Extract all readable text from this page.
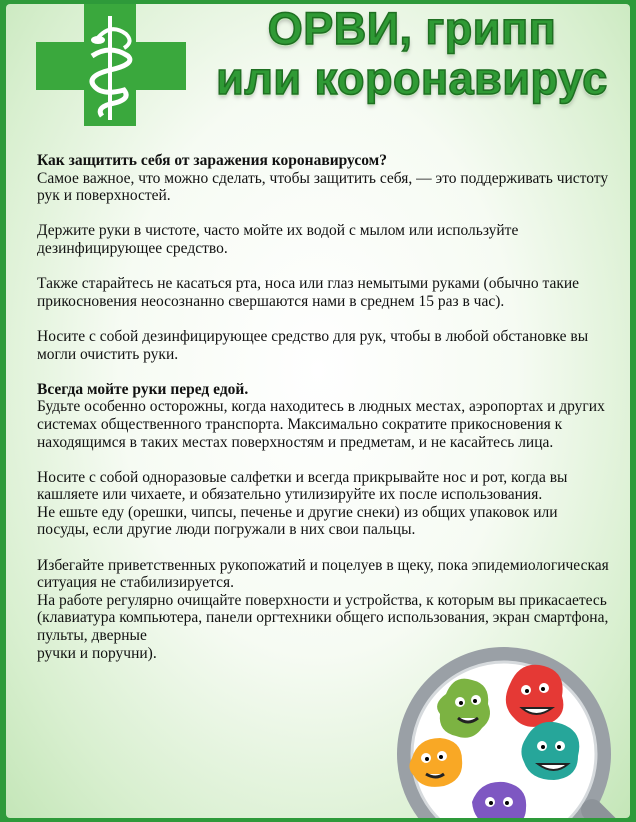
ОРВИ, грипп
или коронавирус

Как защитить себя от заражения коронавирусом?
Самое важное, что можно сделать, чтобы защитить себя, — это поддерживать чистоту рук и поверхностей.

Держите руки в чистоте, часто мойте их водой с мылом или используйте дезинфицирующее средство.

Также старайтесь не касаться рта, носа или глаз немытыми руками (обычно такие прикосновения неосознанно свершаются нами в среднем 15 раз в час).

Носите с собой дезинфицирующее средство для рук, чтобы в любой обстановке вы могли очистить руки.

Всегда мойте руки перед едой.
Будьте особенно осторожны, когда находитесь в людных местах, аэропортах и других системах общественного транспорта. Максимально сократите прикосновения к находящимся в таких местах поверхностям и предметам, и не касайтесь лица.

Носите с собой одноразовые салфетки и всегда прикрывайте нос и рот, когда вы кашляете или чихаете, и обязательно утилизируйте их после использования.
Не ешьте еду (орешки, чипсы, печенье и другие снеки) из общих упаковок или посуды, если другие люди погружали в них свои пальцы.

Избегайте приветственных рукопожатий и поцелуев в щеку, пока эпидемиологическая ситуация не стабилизируется.
На работе регулярно очищайте поверхности и устройства, к которым вы прикасаетесь (клавиатура компьютера, панели оргтехники общего использования, экран смартфона, пульты, дверные
ручки и поручни).
